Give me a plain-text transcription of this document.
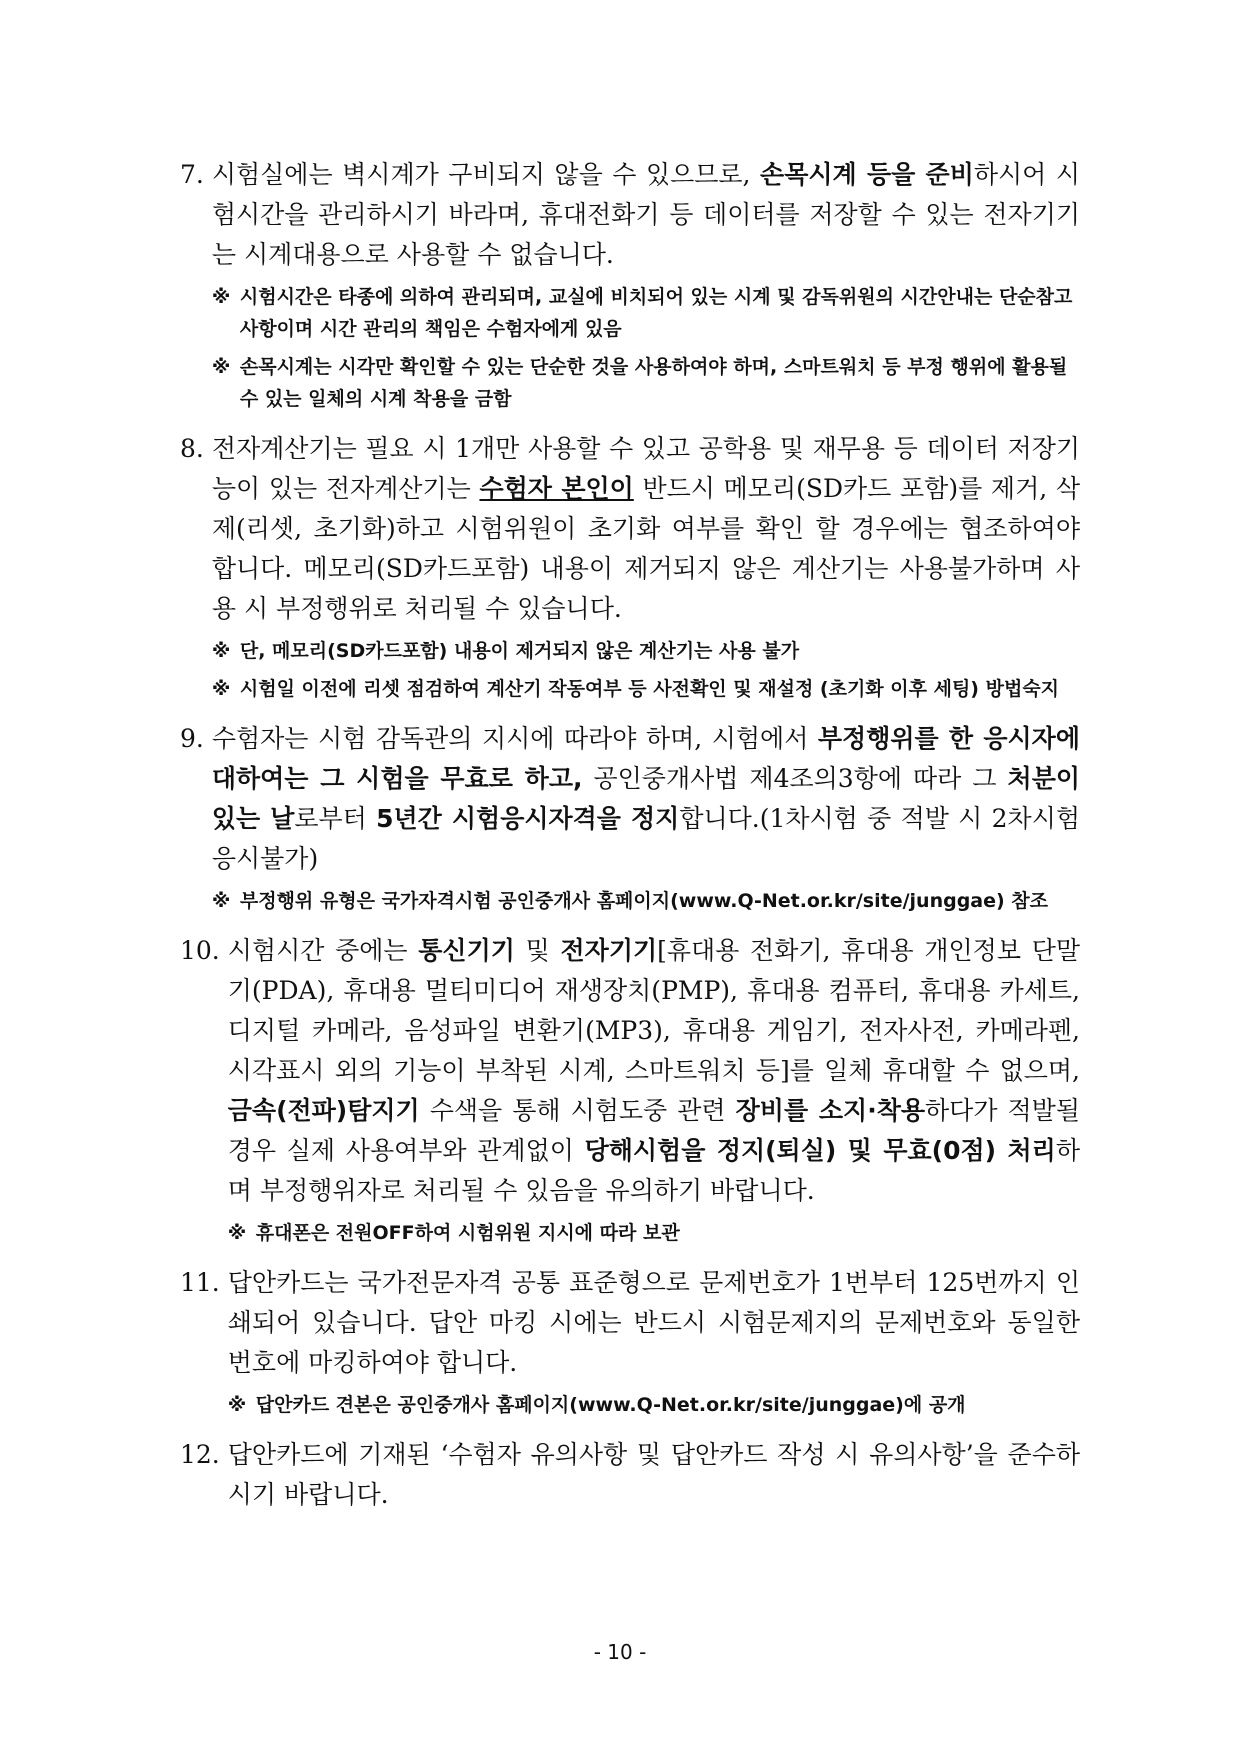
7. 시험실에는 벽시계가 구비되지 않을 수 있으므로, 손목시계 등을 준비하시어 시험시간을 관리하시기 바라며, 휴대전화기 등 데이터를 저장할 수 있는 전자기기는 시계대용으로 사용할 수 없습니다.
※ 시험시간은 타종에 의하여 관리되며, 교실에 비치되어 있는 시계 및 감독위원의 시간안내는 단순참고사항이며 시간 관리의 책임은 수험자에게 있음
※ 손목시계는 시각만 확인할 수 있는 단순한 것을 사용하여야 하며, 스마트워치 등 부정 행위에 활용될 수 있는 일체의 시계 착용을 금함
8. 전자계산기는 필요 시 1개만 사용할 수 있고 공학용 및 재무용 등 데이터 저장기능이 있는 전자계산기는 수험자 본인이 반드시 메모리(SD카드 포함)를 제거, 삭제(리셋, 초기화)하고 시험위원이 초기화 여부를 확인 할 경우에는 협조하여야 합니다. 메모리(SD카드포함) 내용이 제거되지 않은 계산기는 사용불가하며 사용 시 부정행위로 처리될 수 있습니다.
※ 단, 메모리(SD카드포함) 내용이 제거되지 않은 계산기는 사용 불가
※ 시험일 이전에 리셋 점검하여 계산기 작동여부 등 사전확인 및 재설정 (초기화 이후 세팅) 방법숙지
9. 수험자는 시험 감독관의 지시에 따라야 하며, 시험에서 부정행위를 한 응시자에 대하여는 그 시험을 무효로 하고, 공인중개사법 제4조의3항에 따라 그 처분이 있는 날로부터 5년간 시험응시자격을 정지합니다.(1차시험 중 적발 시 2차시험 응시불가)
※ 부정행위 유형은 국가자격시험 공인중개사 홈페이지(www.Q-Net.or.kr/site/junggae) 참조
10. 시험시간 중에는 통신기기 및 전자기기[휴대용 전화기, 휴대용 개인정보 단말기(PDA), 휴대용 멀티미디어 재생장치(PMP), 휴대용 컴퓨터, 휴대용 카세트, 디지털 카메라, 음성파일 변환기(MP3), 휴대용 게임기, 전자사전, 카메라펜, 시각표시 외의 기능이 부착된 시계, 스마트워치 등]를 일체 휴대할 수 없으며, 금속(전파)탐지기 수색을 통해 시험도중 관련 장비를 소지·착용하다가 적발될 경우 실제 사용여부와 관계없이 당해시험을 정지(퇴실) 및 무효(0점) 처리하며 부정행위자로 처리될 수 있음을 유의하기 바랍니다.
※ 휴대폰은 전원OFF하여 시험위원 지시에 따라 보관
11. 답안카드는 국가전문자격 공통 표준형으로 문제번호가 1번부터 125번까지 인쇄되어 있습니다. 답안 마킹 시에는 반드시 시험문제지의 문제번호와 동일한 번호에 마킹하여야 합니다.
※ 답안카드 견본은 공인중개사 홈페이지(www.Q-Net.or.kr/site/junggae)에 공개
12. 답안카드에 기재된 ‘수험자 유의사항 및 답안카드 작성 시 유의사항’을 준수하시기 바랍니다.
- 10 -
